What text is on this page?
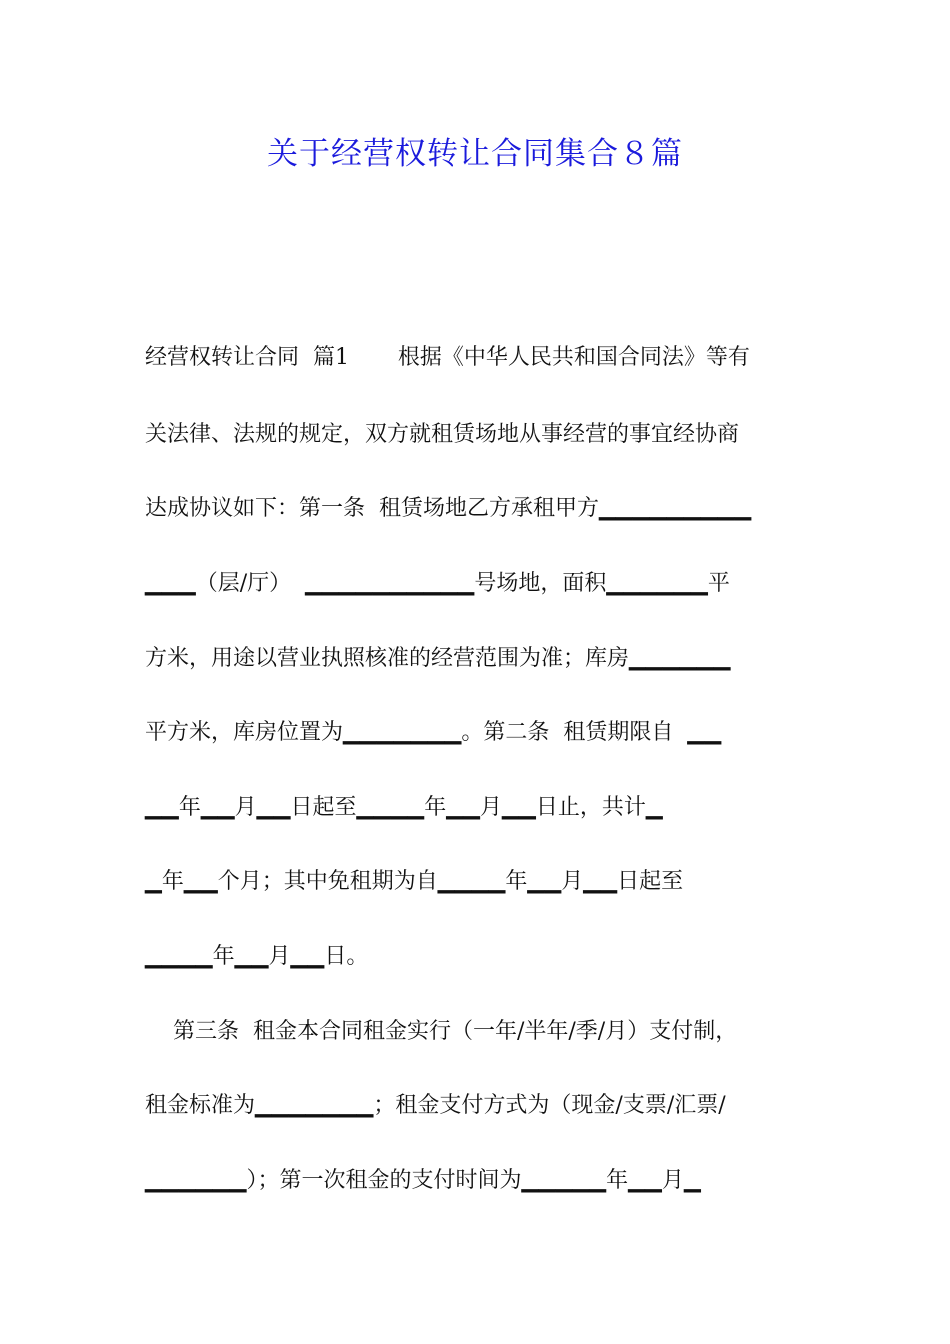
关于经营权转让合同集合８篇
经营权转让合同  篇1       根据《中华人民共和国合同法》等有
关法律、法规的规定，双方就租赁场地从事经营的事宜经协商
达成协议如下：第一条  租赁场地乙方承租甲方▁▁▁▁▁▁▁▁▁
▁▁▁（层/厅）  ▁▁▁▁▁▁▁▁▁▁号场地，面积▁▁▁▁▁▁平
方米，用途以营业执照核准的经营范围为准；库房▁▁▁▁▁▁
平方米，库房位置为▁▁▁▁▁▁▁。第二条  租赁期限自  ▁▁
▁▁年▁▁月▁▁日起至▁▁▁▁年▁▁月▁▁日止，共计▁
▁年▁▁个月；其中免租期为自▁▁▁▁年▁▁月▁▁日起至
▁▁▁▁年▁▁月▁▁日。
第三条  租金本合同租金实行（一年/半年/季/月）支付制，
租金标准为▁▁▁▁▁▁▁；租金支付方式为（现金/支票/汇票/
▁▁▁▁▁▁）；第一次租金的支付时间为▁▁▁▁▁年▁▁月▁
